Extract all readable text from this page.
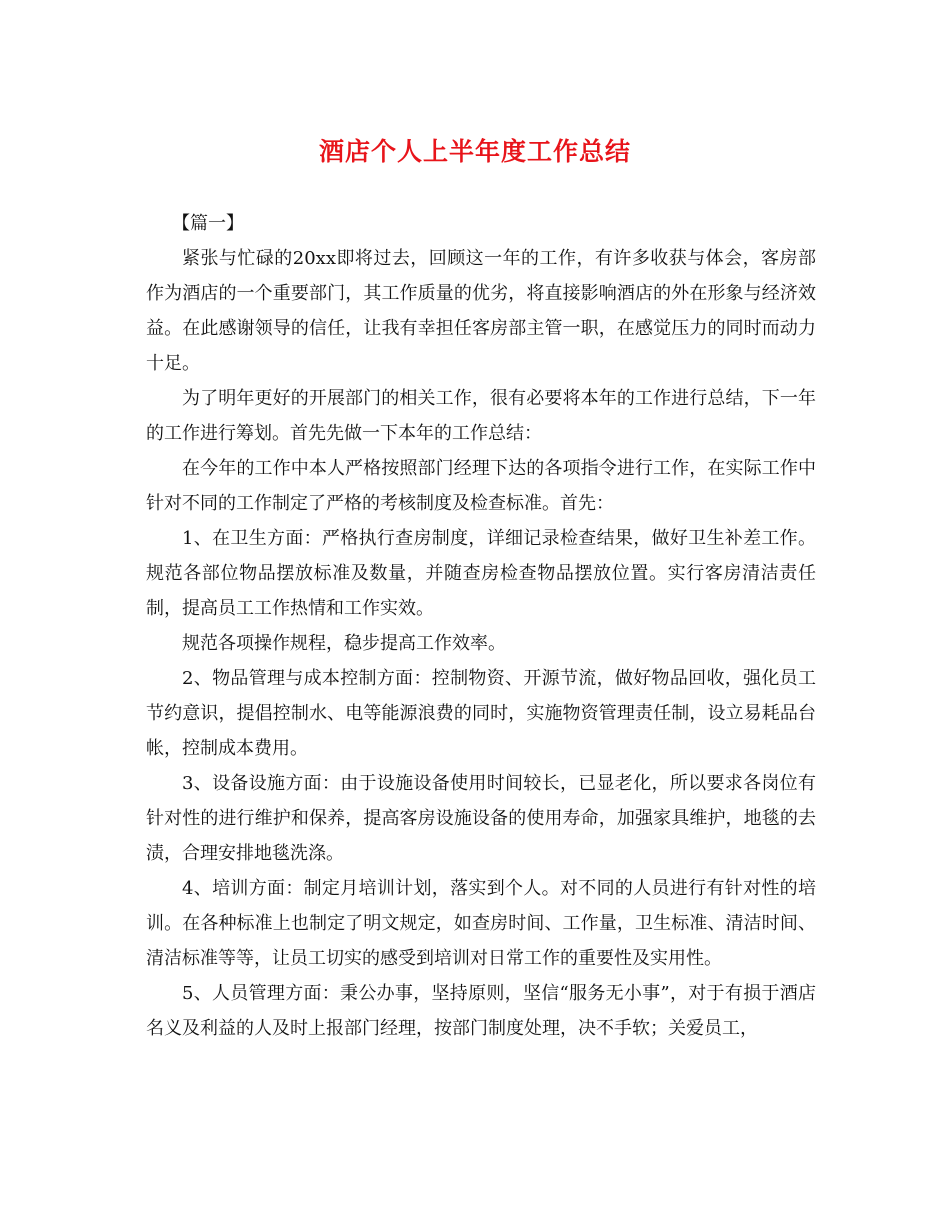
酒店个人上半年度工作总结

【篇一】

紧张与忙碌的20xx即将过去，回顾这一年的工作，有许多收获与体会，客房部作为酒店的一个重要部门，其工作质量的优劣，将直接影响酒店的外在形象与经济效益。在此感谢领导的信任，让我有幸担任客房部主管一职，在感觉压力的同时而动力十足。

为了明年更好的开展部门的相关工作，很有必要将本年的工作进行总结，下一年的工作进行筹划。首先先做一下本年的工作总结：

在今年的工作中本人严格按照部门经理下达的各项指令进行工作，在实际工作中针对不同的工作制定了严格的考核制度及检查标准。首先：

1、在卫生方面：严格执行查房制度，详细记录检查结果，做好卫生补差工作。规范各部位物品摆放标准及数量，并随查房检查物品摆放位置。实行客房清洁责任制，提高员工工作热情和工作实效。

规范各项操作规程，稳步提高工作效率。

2、物品管理与成本控制方面：控制物资、开源节流，做好物品回收，强化员工节约意识，提倡控制水、电等能源浪费的同时，实施物资管理责任制，设立易耗品台帐，控制成本费用。

3、设备设施方面：由于设施设备使用时间较长，已显老化，所以要求各岗位有针对性的进行维护和保养，提高客房设施设备的使用寿命，加强家具维护，地毯的去渍，合理安排地毯洗涤。

4、培训方面：制定月培训计划，落实到个人。对不同的人员进行有针对性的培训。在各种标准上也制定了明文规定，如查房时间、工作量，卫生标准、清洁时间、清洁标准等等，让员工切实的感受到培训对日常工作的重要性及实用性。

5、人员管理方面：秉公办事，坚持原则，坚信“服务无小事”，对于有损于酒店名义及利益的人及时上报部门经理，按部门制度处理，决不手软；关爱员工，
